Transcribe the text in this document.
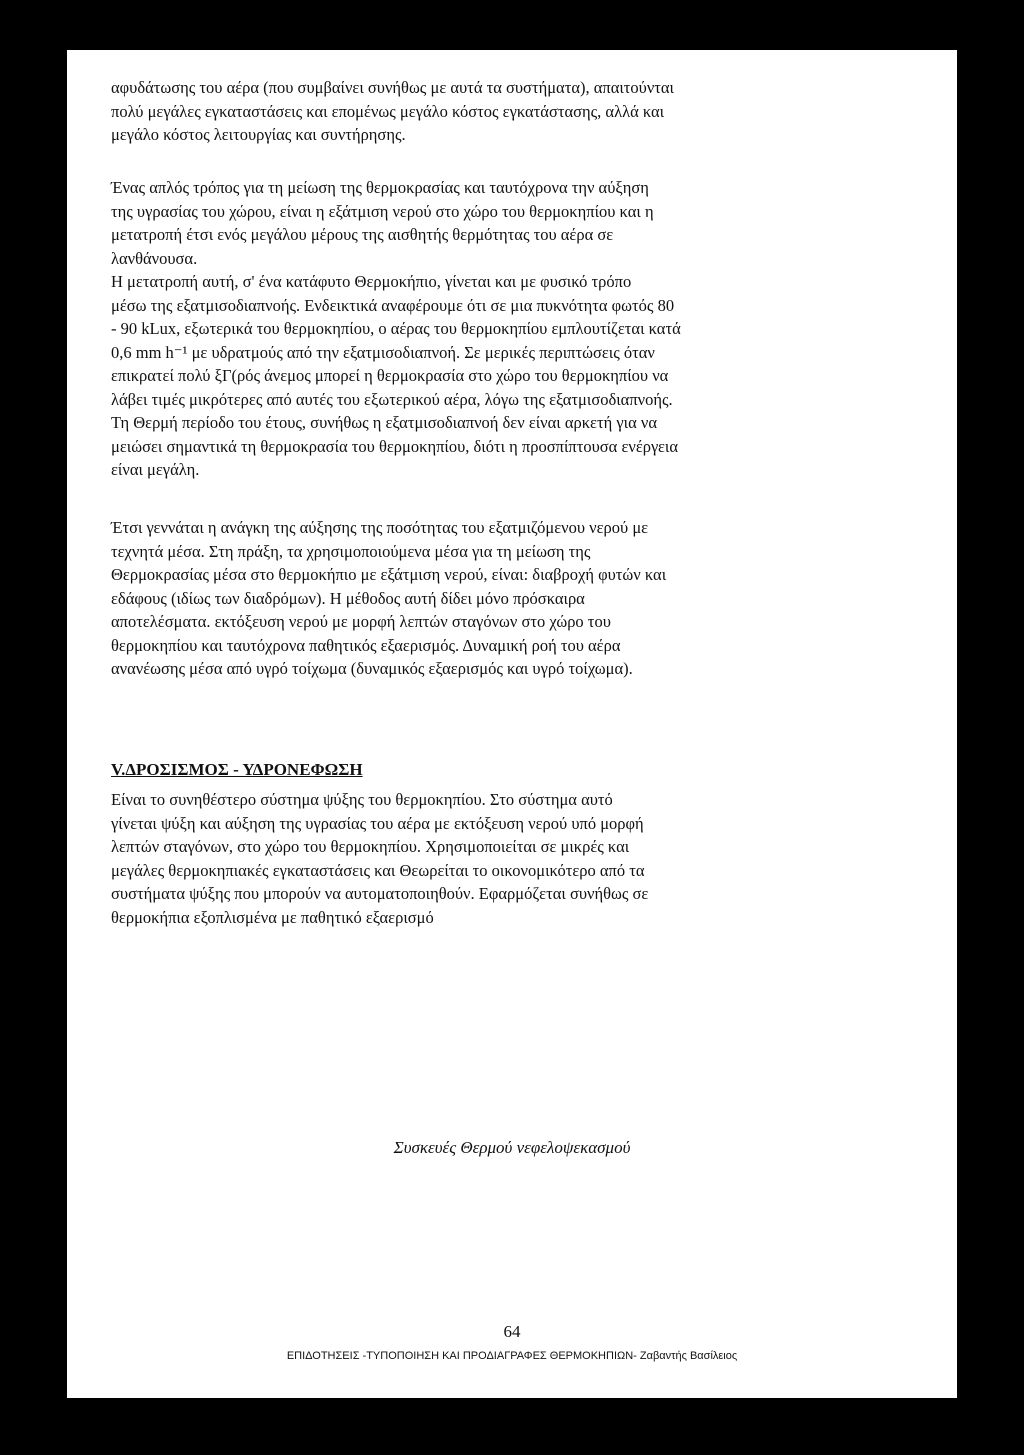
αφυδάτωσης του αέρα (που συμβαίνει συνήθως με αυτά τα συστήματα), απαιτούνται
πολύ μεγάλες εγκαταστάσεις και επομένως μεγάλο κόστος εγκατάστασης, αλλά και
μεγάλο κόστος λειτουργίας και συντήρησης.
Ένας απλός τρόπος για τη μείωση της θερμοκρασίας και ταυτόχρονα την αύξηση
της υγρασίας του χώρου, είναι η εξάτμιση νερού στο χώρο του θερμοκηπίου και η
μετατροπή έτσι ενός μεγάλου μέρους της αισθητής θερμότητας του αέρα σε
λανθάνουσα.
Η μετατροπή αυτή, σ' ένα κατάφυτο Θερμοκήπιο, γίνεται και με φυσικό τρόπο
μέσω της εξατμισοδιαπνοής. Ενδεικτικά αναφέρουμε ότι σε μια πυκνότητα φωτός 80
- 90 kLux, εξωτερικά του θερμοκηπίου, ο αέρας του θερμοκηπίου εμπλουτίζεται κατά
0,6 mm h⁻¹ με υδρατμούς από την εξατμισοδιαπνοή. Σε μερικές περιπτώσεις όταν
επικρατεί πολύ ξΓ(ρός άνεμος μπορεί η θερμοκρασία στο χώρο του θερμοκηπίου να
λάβει τιμές μικρότερες από αυτές του εξωτερικού αέρα, λόγω της εξατμισοδιαπνοής.
Τη Θερμή περίοδο του έτους, συνήθως η εξατμισοδιαπνοή δεν είναι αρκετή για να
μειώσει σημαντικά τη θερμοκρασία του θερμοκηπίου, διότι η προσπίπτουσα ενέργεια
είναι μεγάλη.
Έτσι γεννάται η ανάγκη της αύξησης της ποσότητας του εξατμιζόμενου νερού με
τεχνητά μέσα. Στη πράξη, τα χρησιμοποιούμενα μέσα για τη μείωση της
Θερμοκρασίας μέσα στο θερμοκήπιο με εξάτμιση νερού, είναι: διαβροχή φυτών και
εδάφους (ιδίως των διαδρόμων). Η μέθοδος αυτή δίδει μόνο πρόσκαιρα
αποτελέσματα. εκτόξευση νερού με μορφή λεπτών σταγόνων στο χώρο του
θερμοκηπίου και ταυτόχρονα παθητικός εξαερισμός. Δυναμική ροή του αέρα
ανανέωσης μέσα από υγρό τοίχωμα (δυναμικός εξαερισμός και υγρό τοίχωμα).
V.ΔΡΟΣΙΣΜΟΣ - ΥΔΡΟΝΕΦΩΣΗ
Είναι το συνηθέστερο σύστημα ψύξης του θερμοκηπίου. Στο σύστημα αυτό
γίνεται ψύξη και αύξηση της υγρασίας του αέρα με εκτόξευση νερού υπό μορφή
λεπτών σταγόνων, στο χώρο του θερμοκηπίου. Χρησιμοποιείται σε μικρές και
μεγάλες θερμοκηπιακές εγκαταστάσεις και Θεωρείται το οικονομικότερο από τα
συστήματα ψύξης που μπορούν να αυτοματοποιηθούν. Εφαρμόζεται συνήθως σε
θερμοκήπια εξοπλισμένα με παθητικό εξαερισμό
Συσκευές Θερμού νεφελοψεκασμού
64
ΕΠΙΔΟΤΗΣΕΙΣ -ΤΥΠΟΠΟΙΗΣΗ ΚΑΙ ΠΡΟΔΙΑΓΡΑΦΕΣ ΘΕΡΜΟΚΗΠΙΩΝ- Ζαβαντής Βασίλειος
